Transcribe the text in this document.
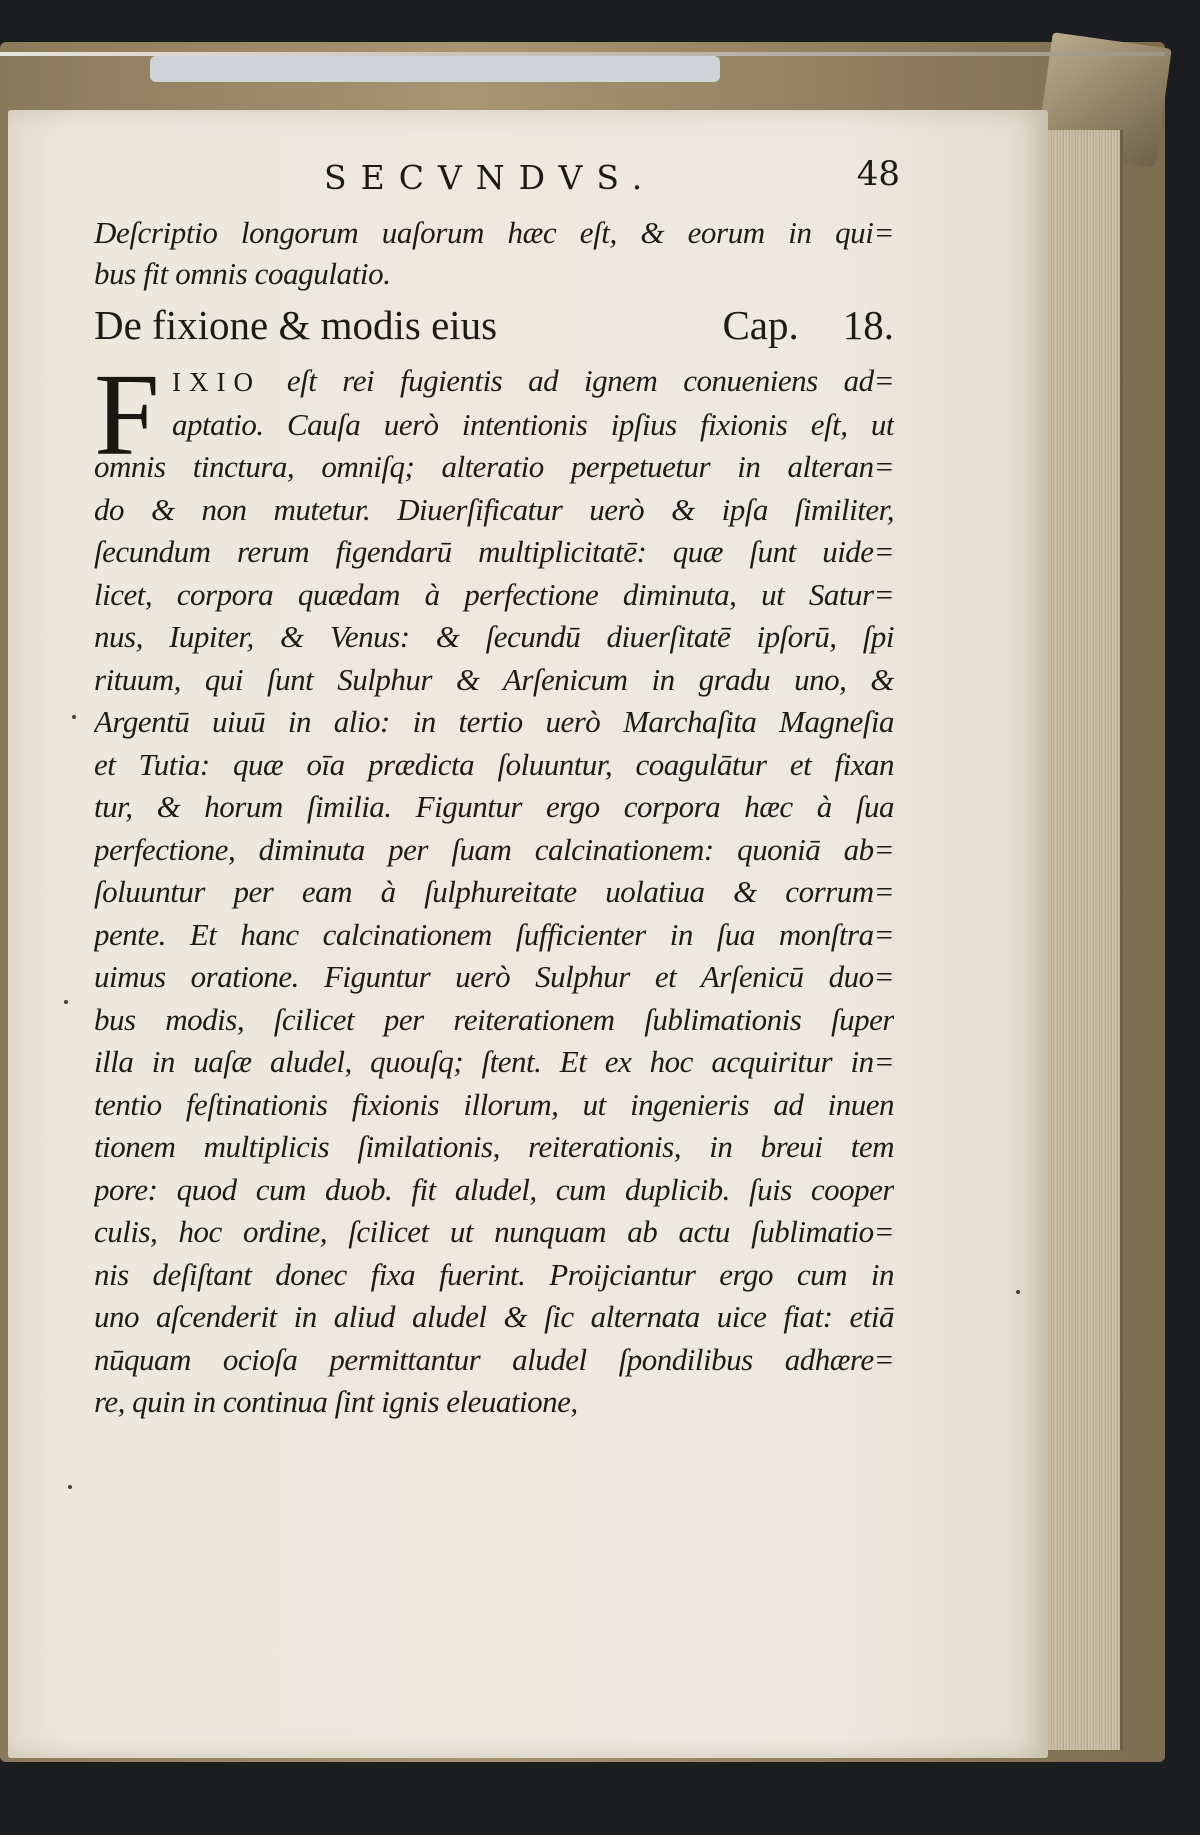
SECVNDVS.	48
Deſcriptio longorum uaſorum hæc eſt, & eorum in qui=
bus fit omnis coagulatio.
De fixione & modis eius	Cap. 18.
F IXIO eſt rei fugientis ad ignem conueniens ad=
aptatio. Cauſa uerò intentionis ipſius fixionis eſt, ut
omnis tinctura, omniſq; alteratio perpetuetur in alteran=
do & non mutetur. Diuerſificatur uerò & ipſa ſimiliter,
ſecundum rerum figendarū multiplicitatē: quæ ſunt uide=
licet, corpora quædam à perfectione diminuta, ut Satur=
nus, Iupiter, & Venus: & ſecundū diuerſitatē ipſorū, ſpi
rituum, qui ſunt Sulphur & Arſenicum in gradu uno, &
Argentū uiuū in alio: in tertio uerò Marchaſita Magneſia
et Tutia: quæ oīa prædicta ſoluuntur, coagulātur et fixan
tur, & horum ſimilia. Figuntur ergo corpora hæc à ſua
perfectione, diminuta per ſuam calcinationem: quoniā ab=
ſoluuntur per eam à ſulphureitate uolatiua & corrum=
pente. Et hanc calcinationem ſufficienter in ſua monſtra=
uimus oratione. Figuntur uerò Sulphur et Arſenicū duo=
bus modis, ſcilicet per reiterationem ſublimationis ſuper
illa in uaſæ aludel, quouſq; ſtent. Et ex hoc acquiritur in=
tentio feſtinationis fixionis illorum, ut ingenieris ad inuen
tionem multiplicis ſimilationis, reiterationis, in breui tem
pore: quod cum duob. fit aludel, cum duplicib. ſuis cooper
culis, hoc ordine, ſcilicet ut nunquam ab actu ſublimatio=
nis deſiſtant donec fixa fuerint. Proijciantur ergo cum in
uno aſcenderit in aliud aludel & ſic alternata uice fiat: etiā
nūquam ocioſa permittantur aludel ſpondilibus adhære=
re, quin in continua ſint ignis eleuatione,
